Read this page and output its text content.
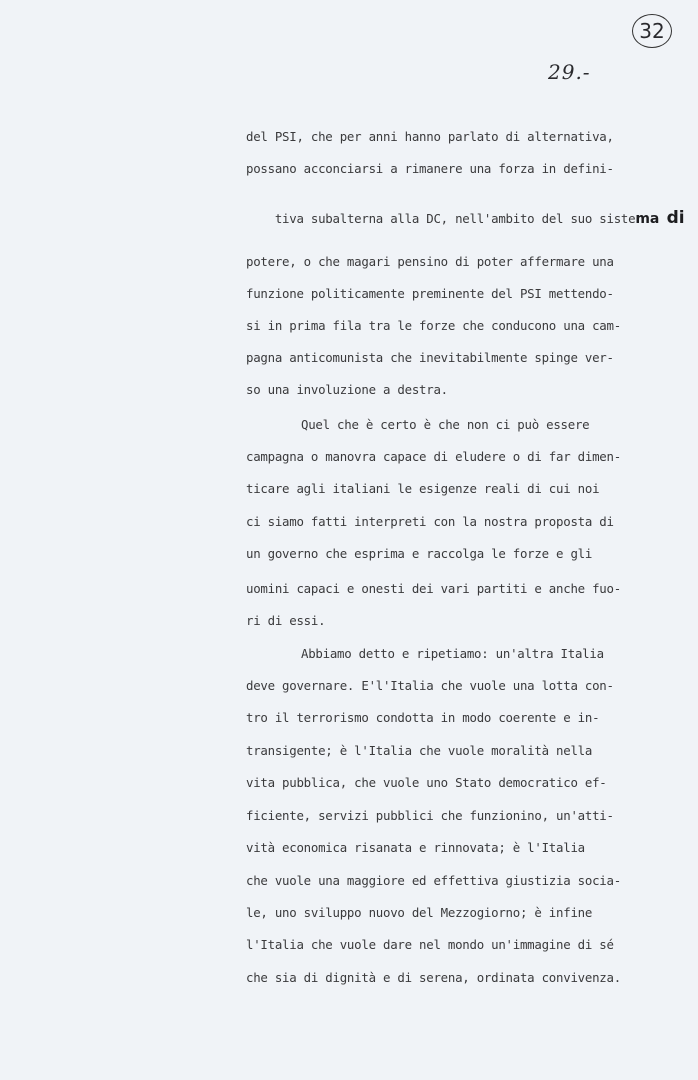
32
29.-
del PSI, che per anni hanno parlato di alternativa,
possano acconciarsi a rimanere una forza in defini-

tiva subalterna alla DC, nell'ambito del suo sistema di

potere, o che magari pensino di poter affermare una
funzione politicamente preminente del PSI mettendo-
si in prima fila tra le forze che conducono una cam-
pagna anticomunista che inevitabilmente spinge ver-
so una involuzione a destra.
Quel che è certo è che non ci può essere
campagna o manovra capace di eludere o di far dimen-
ticare agli italiani le esigenze reali di cui noi
ci siamo fatti interpreti con la nostra proposta di
un governo che esprima e raccolga le forze e gli
uomini capaci e onesti dei vari partiti e anche fuo-
ri di essi.
Abbiamo detto e ripetiamo: un'altra Italia
deve governare. E'l'Italia che vuole una lotta con-
tro il terrorismo condotta in modo coerente e in-
transigente; è l'Italia che vuole moralità nella
vita pubblica, che vuole uno Stato democratico ef-
ficiente, servizi pubblici che funzionino, un'atti-
vità economica risanata e rinnovata; è l'Italia
che vuole una maggiore ed effettiva giustizia socia-
le, uno sviluppo nuovo del Mezzogiorno; è infine
l'Italia che vuole dare nel mondo un'immagine di sé
che sia di dignità e di serena, ordinata convivenza.
